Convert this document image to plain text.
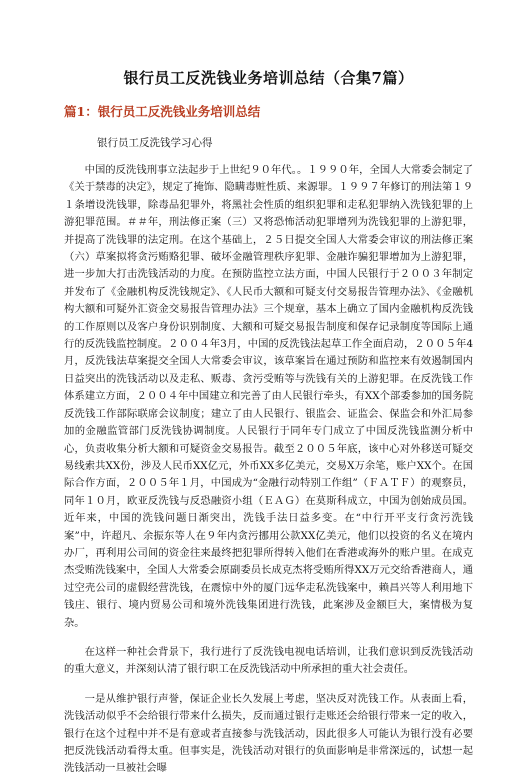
银行员工反洗钱业务培训总结（合集7篇）
篇1：银行员工反洗钱业务培训总结
银行员工反洗钱学习心得

中国的反洗钱刑事立法起步于上世纪９０年代。。１９９０年，全国人大常委会制定了《关于禁毒的决定》，规定了掩饰、隐瞒毒赃性质、来源罪。１９９７年修订的刑法第１９１条增设洗钱罪，除毒品犯罪外，将黑社会性质的组织犯罪和走私犯罪纳入洗钱犯罪的上游犯罪范围。＃＃年，刑法修正案（三）又将恐怖活动犯罪增列为洗钱犯罪的上游犯罪，并提高了洗钱罪的法定刑。在这个基础上，２５日提交全国人大常委会审议的刑法修正案（六）草案拟将贪污贿赂犯罪、破坏金融管理秩序犯罪、金融诈骗犯罪增加为上游犯罪，进一步加大打击洗钱活动的力度。在预防监控立法方面，中国人民银行于２００３年制定并发布了《金融机构反洗钱规定》、《人民币大额和可疑支付交易报告管理办法》、《金融机构大额和可疑外汇资金交易报告管理办法》三个规章，基本上确立了国内金融机构反洗钱的工作原则以及客户身份识别制度、大额和可疑交易报告制度和保存记录制度等国际上通行的反洗钱监控制度。２００４年3月，中国的反洗钱法起草工作全面启动，２００５年4月，反洗钱法草案提交全国人大常委会审议，该草案旨在通过预防和监控来有效遏制国内日益突出的洗钱活动以及走私、贩毒、贪污受贿等与洗钱有关的上游犯罪。在反洗钱工作体系建立方面，２００４年中国建立和完善了由人民银行牵头，有XX个部委参加的国务院反洗钱工作部际联席会议制度；建立了由人民银行、银监会、证监会、保监会和外汇局参加的金融监管部门反洗钱协调制度。人民银行于同年专门成立了中国反洗钱监测分析中心，负责收集分析大额和可疑资金交易报告。截至２００５年底，该中心对外移送可疑交易线索共XX份，涉及人民币XX亿元，外币XX多亿美元，交易X万余笔，账户XX个。在国际合作方面，２００５年１月，中国成为“金融行动特别工作组”（ＦＡＴＦ）的观察员，同年１０月，欧亚反洗钱与反恐融资小组（ＥＡＧ）在莫斯科成立，中国为创始成员国。近年来，中国的洗钱问题日渐突出，洗钱手法日益多变。在“中行开平支行贪污洗钱案”中，许超凡、余振东等人在９年内贪污挪用公款XX亿美元，他们以投资的名义在境内办厂，再利用公司间的资金往来最终把犯罪所得转入他们在香港或海外的账户里。在成克杰受贿洗钱案中，全国人大常委会原副委员长成克杰将受贿所得XX万元交给香港商人，通过空壳公司的虚假经营洗钱，在震惊中外的厦门远华走私洗钱案中，赖昌兴等人利用地下钱庄、银行、境内贸易公司和境外洗钱集团进行洗钱，此案涉及金额巨大，案情极为复杂。

在这样一种社会背景下，我行进行了反洗钱电视电话培训，让我们意识到反洗钱活动的重大意义，并深刻认清了银行职工在反洗钱活动中所承担的重大社会责任。

一是从维护银行声誉，保证企业长久发展上考虑，坚决反对洗钱工作。从表面上看，洗钱活动似乎不会给银行带来什么损失，反而通过银行走账还会给银行带来一定的收入，银行在这个过程中并不是有意或者直接参与洗钱活动，因此很多人可能认为银行没有必要把反洗钱活动看得太重。但事实是，洗钱活动对银行的负面影响是非常深远的，试想一起洗钱活动一旦被社会曝
